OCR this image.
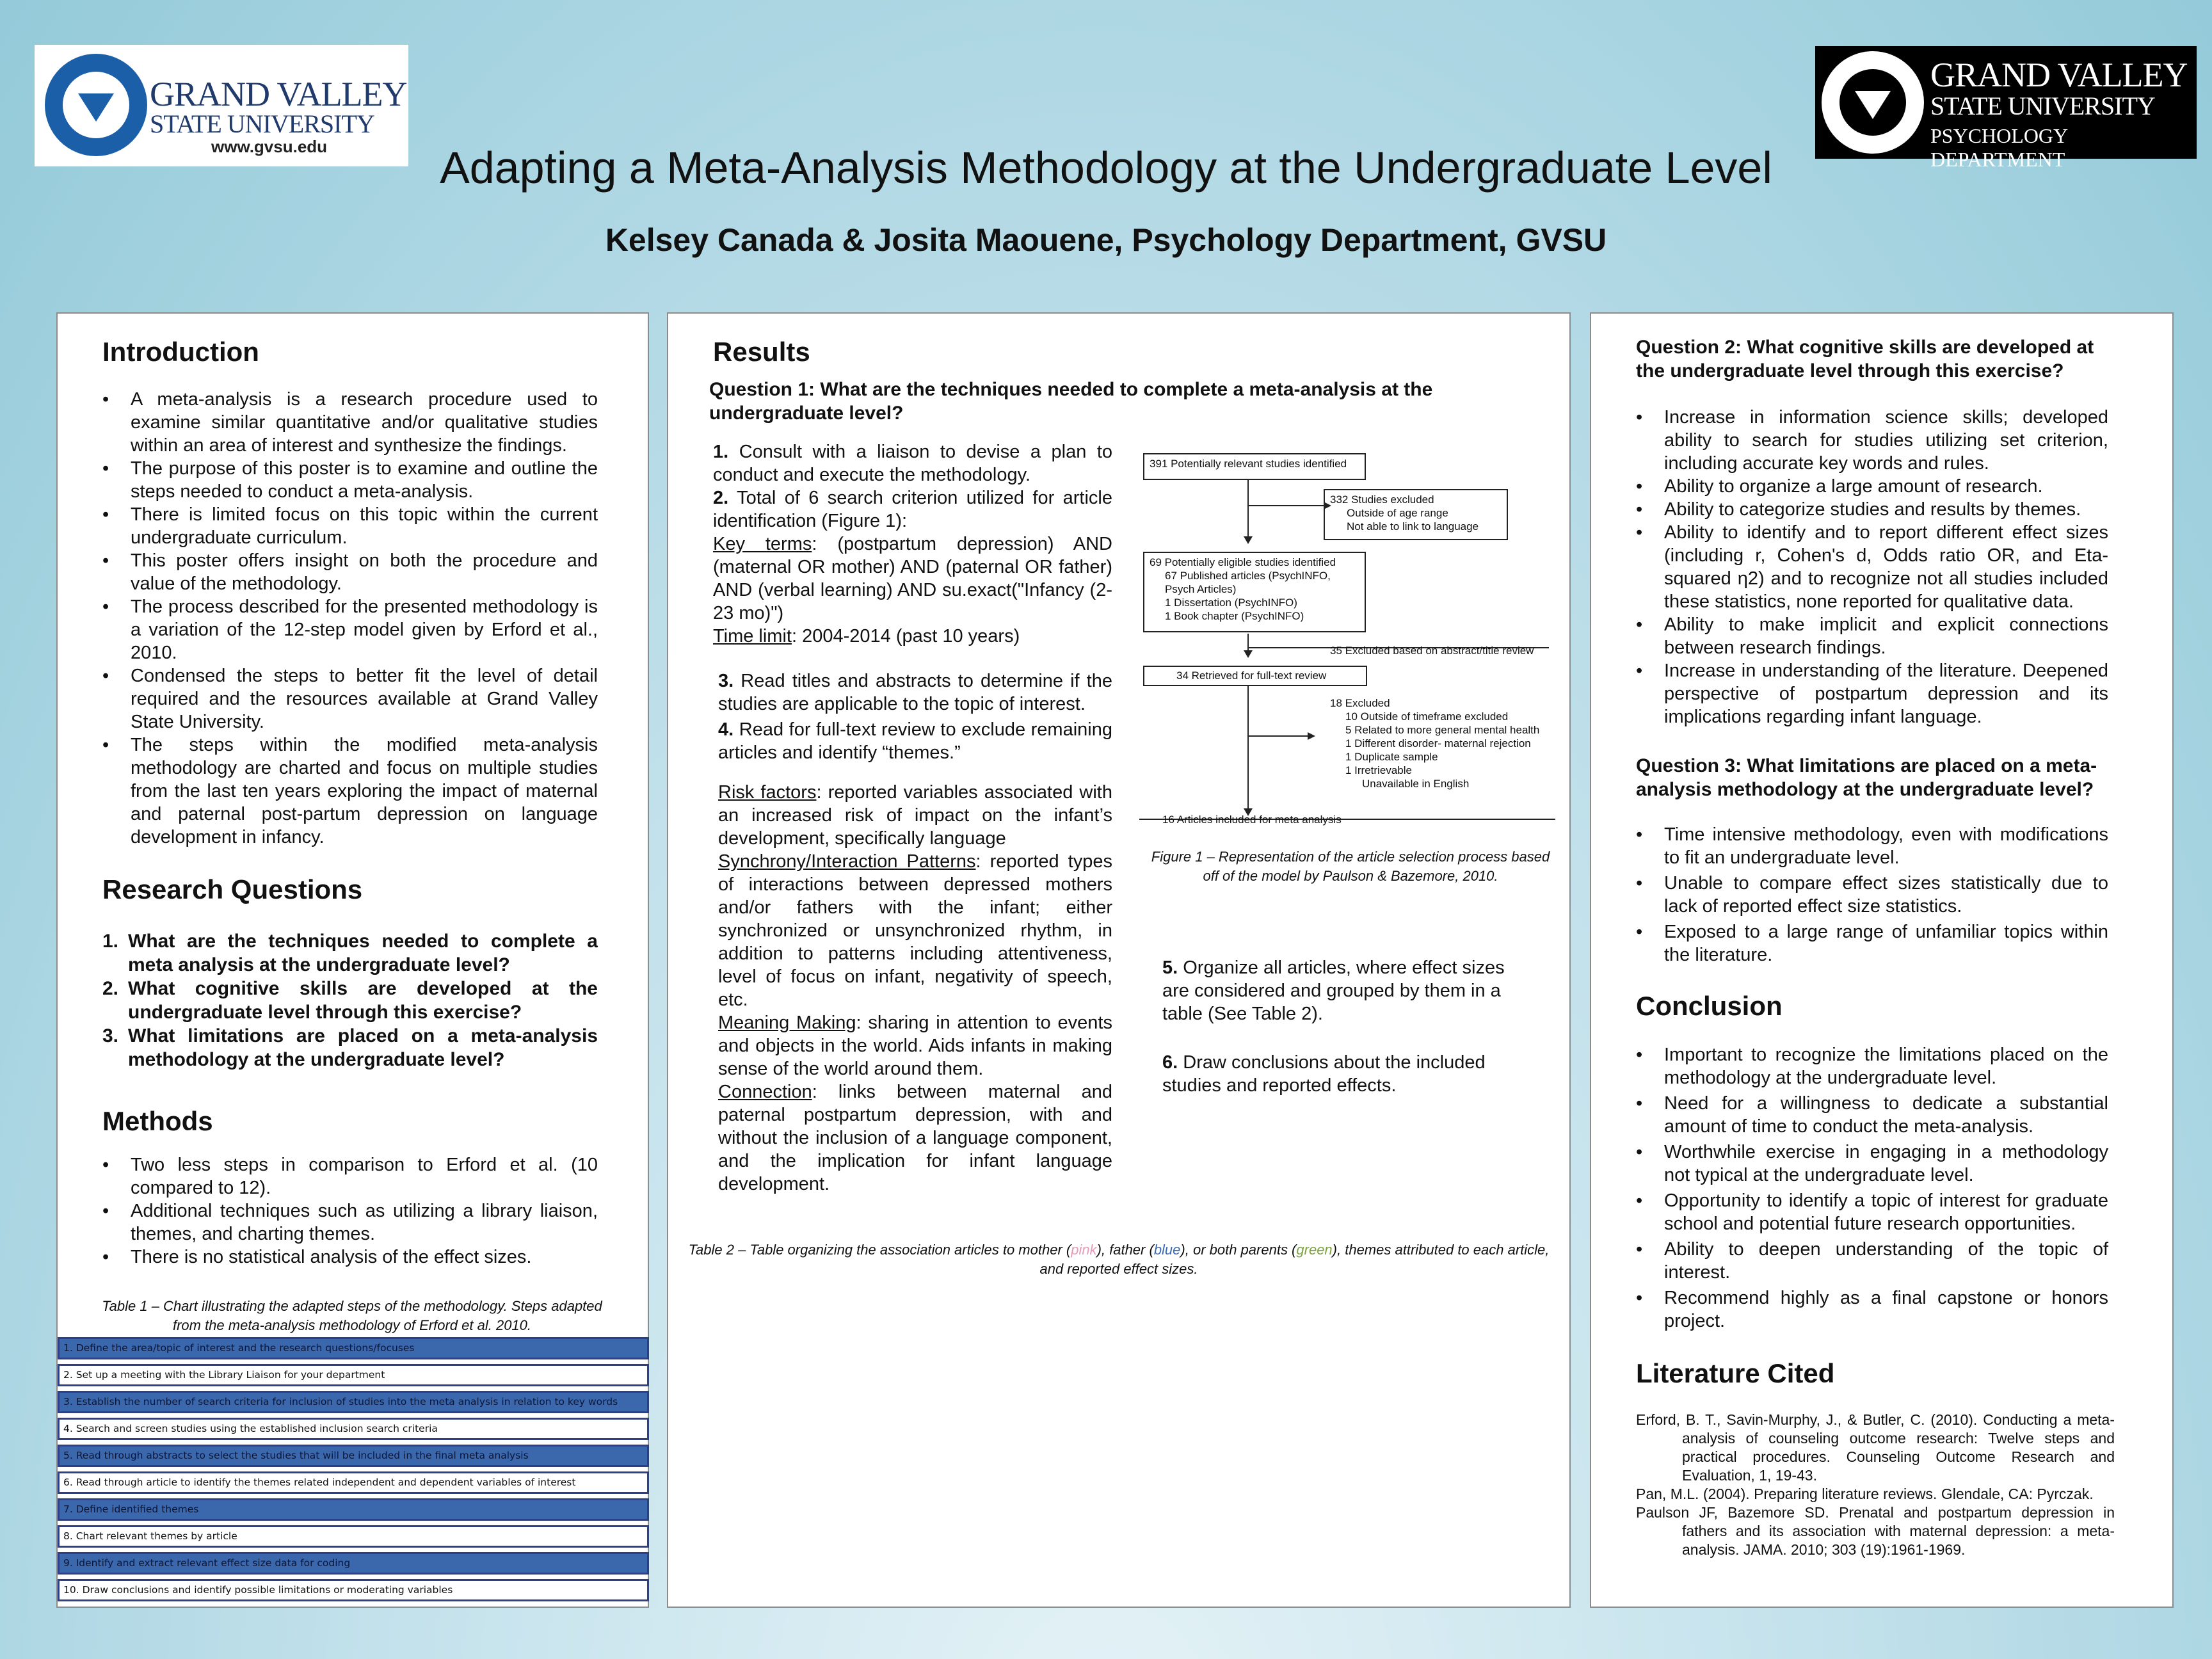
GRAND VALLEY
STATE UNIVERSITY
www.gvsu.edu
GRAND VALLEY
STATE UNIVERSITY
PSYCHOLOGY DEPARTMENT
Adapting a Meta-Analysis Methodology at the Undergraduate Level
Kelsey Canada & Josita Maouene, Psychology Department, GVSU
Introduction
• A meta-analysis is a research procedure used to examine similar quantitative and/or qualitative studies within an area of interest and synthesize the findings.
• The purpose of this poster is to examine and outline the steps needed to conduct a meta-analysis.
• There is limited focus on this topic within the current undergraduate curriculum.
• This poster offers insight on both the procedure and value of the methodology.
• The process described for the presented methodology is a variation of the 12-step model given by Erford et al., 2010.
• Condensed the steps to better fit the level of detail required and the resources available at Grand Valley State University.
• The steps within the modified meta-analysis methodology are charted and focus on multiple studies from the last ten years exploring the impact of maternal and paternal post-partum depression on language development in infancy.
Research Questions
1. What are the techniques needed to complete a meta analysis at the undergraduate level?
2. What cognitive skills are developed at the undergraduate level through this exercise?
3. What limitations are placed on a meta-analysis methodology at the undergraduate level?
Methods
• Two less steps in comparison to Erford et al. (10 compared to 12).
• Additional techniques such as utilizing a library liaison, themes, and charting themes.
• There is no statistical analysis of the effect sizes.
Table 1 – Chart illustrating the adapted steps of the methodology. Steps adapted from the meta-analysis methodology of Erford et al. 2010.
1. Define the area/topic of interest and the research questions/focuses
2. Set up a meeting with the Library Liaison for your department
3. Establish the number of search criteria for inclusion of studies into the meta analysis in relation to key words
4. Search and screen studies using the established inclusion search criteria
5. Read through abstracts to select the studies that will be included in the final meta analysis
6. Read through article to identify the themes related independent and dependent variables of interest
7. Define identified themes
8. Chart relevant themes by article
9. Identify and extract relevant effect size data for coding
10. Draw conclusions and identify possible limitations or moderating variables
Results
Question 1: What are the techniques needed to complete a meta-analysis at the undergraduate level?
1. Consult with a liaison to devise a plan to conduct and execute the methodology.
2. Total of 6 search criterion utilized for article identification (Figure 1):
Key terms: (postpartum depression) AND (maternal OR mother) AND (paternal OR father) AND (verbal learning) AND su.exact("Infancy (2-23 mo)")
Time limit: 2004-2014 (past 10 years)
3. Read titles and abstracts to determine if the studies are applicable to the topic of interest.
4. Read for full-text review to exclude remaining articles and identify “themes.”
Risk factors: reported variables associated with an increased risk of impact on the infant’s development, specifically language
Synchrony/Interaction Patterns: reported types of interactions between depressed mothers and/or fathers with the infant; either synchronized or unsynchronized rhythm, in addition to patterns including attentiveness, level of focus on infant, negativity of speech, etc.
Meaning Making: sharing in attention to events and objects in the world. Aids infants in making sense of the world around them.
Connection: links between maternal and paternal postpartum depression, with and without the inclusion of a language component, and the implication for infant language development.
391 Potentially relevant studies identified
332 Studies excluded
Outside of age range
Not able to link to language
69 Potentially eligible studies identified
67 Published articles (PsychINFO,
Psych Articles)
1 Dissertation (PsychINFO)
1 Book chapter (PsychINFO)
35 Excluded based on abstract/title review
34 Retrieved for full-text review
18 Excluded
10 Outside of timeframe excluded
5 Related to more general mental health
1 Different disorder- maternal rejection
1 Duplicate sample
1 Irretrievable
Unavailable in English
16 Articles included for meta analysis
Figure 1 – Representation of the article selection process based off of the model by Paulson & Bazemore, 2010.
5. Organize all articles, where effect sizes are considered and grouped by them in a table (See Table 2).
6. Draw conclusions about the included studies and reported effects.
Table 2 – Table organizing the association articles to mother (pink), father (blue), or both parents (green), themes attributed to each article, and reported effect sizes.
Question 2: What cognitive skills are developed at the undergraduate level through this exercise?
• Increase in information science skills; developed ability to search for studies utilizing set criterion, including accurate key words and rules.
• Ability to organize a large amount of research.
• Ability to categorize studies and results by themes.
• Ability to identify and to report different effect sizes (including r, Cohen's d, Odds ratio OR, and Eta-squared η2) and to recognize not all studies included these statistics, none reported for qualitative data.
• Ability to make implicit and explicit connections between research findings.
• Increase in understanding of the literature. Deepened perspective of postpartum depression and its implications regarding infant language.
Question 3: What limitations are placed on a meta-analysis methodology at the undergraduate level?
• Time intensive methodology, even with modifications to fit an undergraduate level.
• Unable to compare effect sizes statistically due to lack of reported effect size statistics.
• Exposed to a large range of unfamiliar topics within the literature.
Conclusion
• Important to recognize the limitations placed on the methodology at the undergraduate level.
• Need for a willingness to dedicate a substantial amount of time to conduct the meta-analysis.
• Worthwhile exercise in engaging in a methodology not typical at the undergraduate level.
• Opportunity to identify a topic of interest for graduate school and potential future research opportunities.
• Ability to deepen understanding of the topic of interest.
• Recommend highly as a final capstone or honors project.
Literature Cited

Erford, B. T., Savin-Murphy, J., & Butler, C. (2010). Conducting a meta-analysis of counseling outcome research: Twelve steps and practical procedures. Counseling Outcome Research and Evaluation, 1, 19-43.

Pan, M.L. (2004). Preparing literature reviews. Glendale, CA: Pyrczak.

Paulson JF, Bazemore SD. Prenatal and postpartum depression in fathers and its association with maternal depression: a meta-analysis. JAMA. 2010; 303 (19):1961-1969.
